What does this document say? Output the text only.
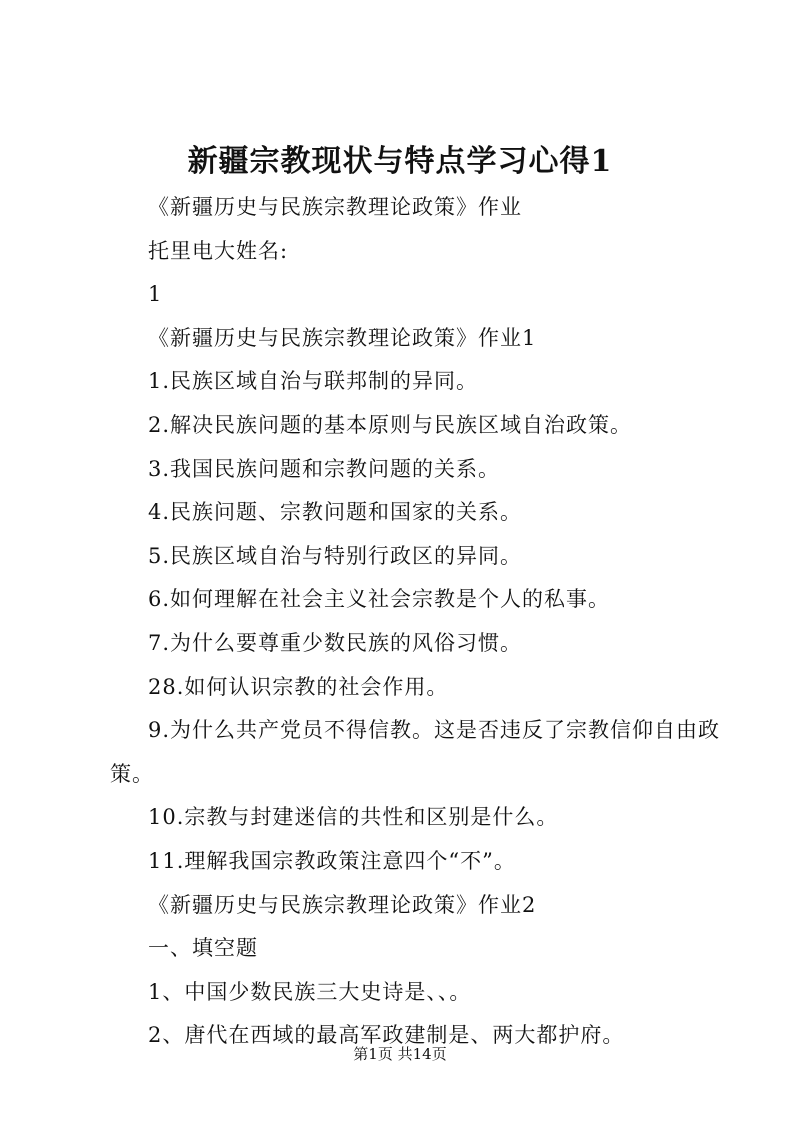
新疆宗教现状与特点学习心得1
《新疆历史与民族宗教理论政策》作业
托里电大姓名:
1
《新疆历史与民族宗教理论政策》作业1
1.民族区域自治与联邦制的异同。
2.解决民族问题的基本原则与民族区域自治政策。
3.我国民族问题和宗教问题的关系。
4.民族问题、宗教问题和国家的关系。
5.民族区域自治与特别行政区的异同。
6.如何理解在社会主义社会宗教是个人的私事。
7.为什么要尊重少数民族的风俗习惯。
28.如何认识宗教的社会作用。
9.为什么共产党员不得信教。这是否违反了宗教信仰自由政
策。
10.宗教与封建迷信的共性和区别是什么。
11.理解我国宗教政策注意四个“不”。
《新疆历史与民族宗教理论政策》作业2
一、填空题
1、中国少数民族三大史诗是、、。
2、唐代在西域的最高军政建制是、两大都护府。
第1页 共14页
